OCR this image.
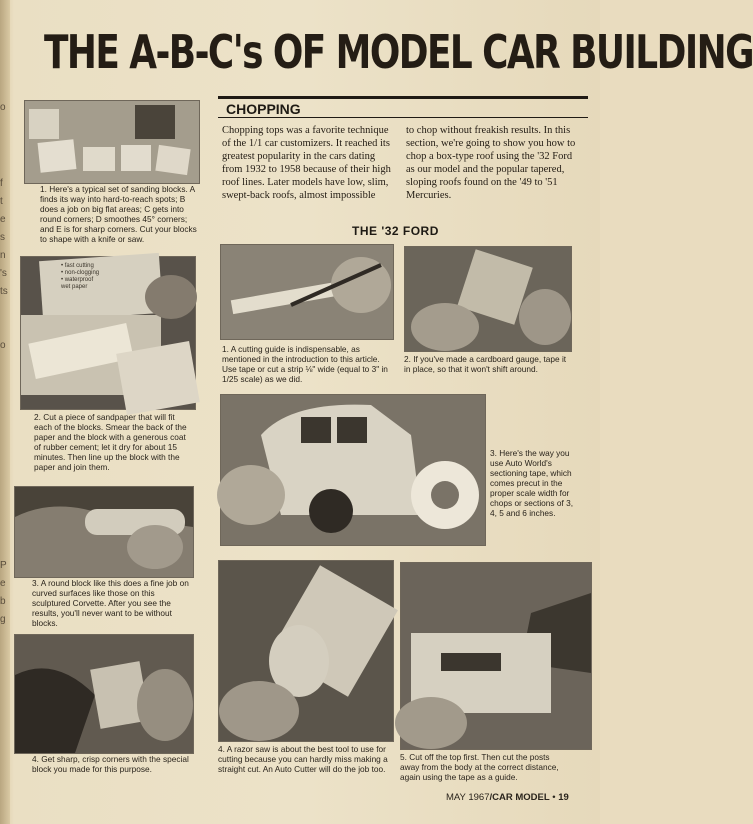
o
f
t
e
s
n
's
ts
o
P
e
b
g
THE A-B-C's OF MODEL CAR BUILDING
1. Here's a typical set of sanding blocks. A finds its way into hard-to-reach spots; B does a job on big flat areas; C gets into round corners; D smoothes 45° corners; and E is for sharp corners. Cut your blocks to shape with a knife or saw.
• fast cutting
• non-clogging
• waterproof
wet paper
2. Cut a piece of sandpaper that will fit each of the blocks. Smear the back of the paper and the block with a generous coat of rubber cement; let it dry for about 15 minutes. Then line up the block with the paper and join them.
3. A round block like this does a fine job on curved surfaces like those on this sculptured Corvette. After you see the results, you'll never want to be without blocks.
4. Get sharp, crisp corners with the special block you made for this purpose.
CHOPPING
Chopping tops was a favorite technique of the 1/1 car customizers. It reached its greatest popularity in the cars dating from 1932 to 1958 because of their high roof lines. Later models have low, slim, swept-back roofs, almost impossible
to chop without freakish results. In this section, we're going to show you how to chop a box-type roof using the '32 Ford as our model and the popular tapered, sloping roofs found on the '49 to '51 Mercuries.
THE '32 FORD
1. A cutting guide is indispensable, as mentioned in the introduction to this article. Use tape or cut a strip ⅛" wide (equal to 3" in 1/25 scale) as we did.
2. If you've made a cardboard gauge, tape it in place, so that it won't shift around.
3. Here's the way you use Auto World's sectioning tape, which comes precut in the proper scale width for chops or sections of 3, 4, 5 and 6 inches.
4. A razor saw is about the best tool to use for cutting because you can hardly miss making a straight cut. An Auto Cutter will do the job too.
5. Cut off the top first. Then cut the posts away from the body at the correct distance, again using the tape as a guide.
MAY 1967/CAR MODEL • 19
